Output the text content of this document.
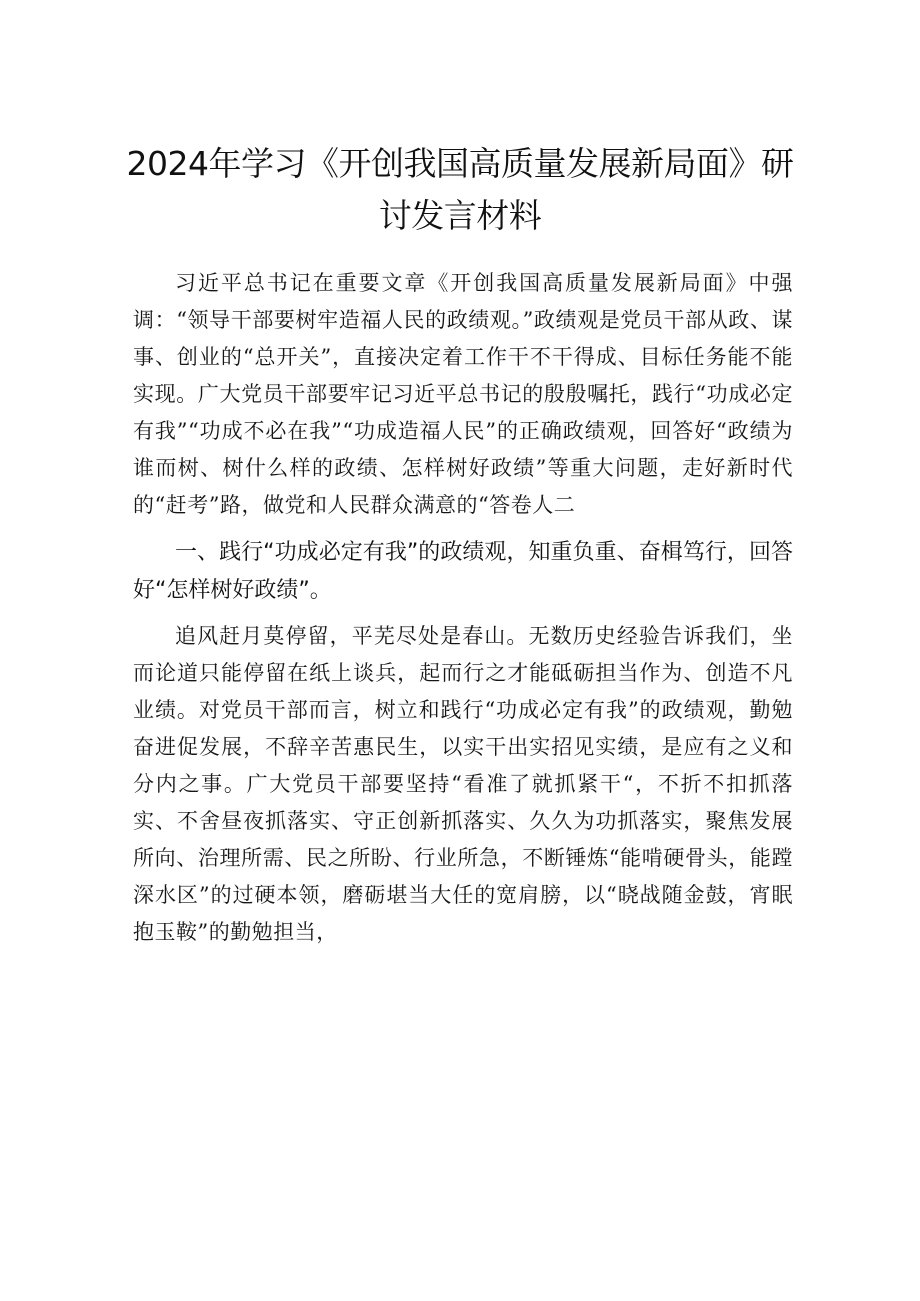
2024年学习《开创我国高质量发展新局面》研讨发言材料

习近平总书记在重要文章《开创我国高质量发展新局面》中强调：“领导干部要树牢造福人民的政绩观。”政绩观是党员干部从政、谋事、创业的“总开关”，直接决定着工作干不干得成、目标任务能不能实现。广大党员干部要牢记习近平总书记的殷殷嘱托，践行“功成必定有我”“功成不必在我”“功成造福人民”的正确政绩观，回答好“政绩为谁而树、树什么样的政绩、怎样树好政绩”等重大问题，走好新时代的“赶考”路，做党和人民群众满意的“答卷人二

一、践行“功成必定有我”的政绩观，知重负重、奋楫笃行，回答好“怎样树好政绩”。

追风赶月莫停留，平芜尽处是春山。无数历史经验告诉我们，坐而论道只能停留在纸上谈兵，起而行之才能砥砺担当作为、创造不凡业绩。对党员干部而言，树立和践行“功成必定有我”的政绩观，勤勉奋进促发展，不辞辛苦惠民生，以实干出实招见实绩，是应有之义和分内之事。广大党员干部要坚持“看准了就抓紧干“，不折不扣抓落实、不舍昼夜抓落实、守正创新抓落实、久久为功抓落实，聚焦发展所向、治理所需、民之所盼、行业所急，不断锤炼“能啃硬骨头，能蹚深水区”的过硬本领，磨砺堪当大任的宽肩膀，以“晓战随金鼓，宵眠抱玉鞍”的勤勉担当，
